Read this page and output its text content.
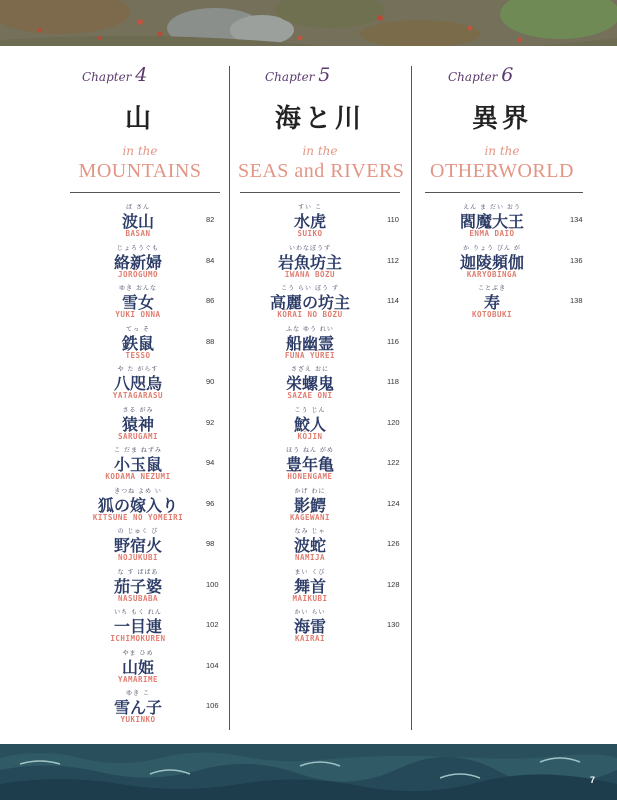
Chapter 4
山
in the
MOUNTAINS
ば さん
波山
BASAN
82
じょろうぐも
絡新婦
JORŌGUMO
84
ゆき おんな
雪女
YUKI ONNA
86
てっ そ
鉄鼠
TESSO
88
や た がらす
八咫烏
YATAGARASU
90
さる がみ
猿神
SARUGAMI
92
こ だま ねずみ
小玉鼠
KODAMA NEZUMI
94
きつね よめ い
狐の嫁入り
KITSUNE NO YOMEIRI
96
の じゅく び
野宿火
NOJUKUBI
98
な す ばばあ
茄子婆
NASUBABA
100
いち もく れん
一目連
ICHIMOKUREN
102
やま ひめ
山姫
YAMARIME
104
ゆき こ
雪ん子
YUKINKO
106
Chapter 5
海と川
in the
SEAS and RIVERS
すい こ
水虎
SUIKO
110
いわなぼうず
岩魚坊主
IWANA BŌZU
112
こう らい ぼう ず
高麗の坊主
KŌRAI NO BŌZU
114
ふな ゆう れい
船幽霊
FUNA YŪREI
116
さざえ おに
栄螺鬼
SAZAE ONI
118
こう じん
鮫人
KŌJIN
120
ほう ねん がめ
豊年亀
HŌNENGAME
122
かげ わに
影鰐
KAGEWANI
124
なみ じゃ
波蛇
NAMIJA
126
まい くび
舞首
MAIKUBI
128
かい らい
海雷
KAIRAI
130
Chapter 6
異界
in the
OTHERWORLD
えん ま だい おう
閻魔大王
ENMA DAIŌ
134
か りょう びん が
迦陵頻伽
KARYŌBINGA
136
ことぶき
寿
KOTOBUKI
138
7
